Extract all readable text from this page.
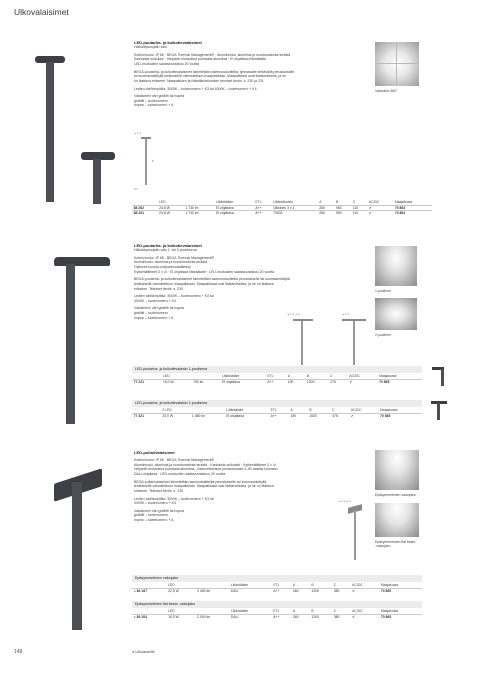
Ulkovalaisimet
LED-puutarha- ja koikotievalaisimet
Häikäisysuojattu valo
Kotelo/runko: IP 65 · BEGA Thermal Management® · Alumiinivalu, alumiinia ja ruostumatonta terästä
Kankaista suikulasi · Heijastin eloksoitua puhdasta alumiinia · El ohjattava liitäntälaite
LED-moduulien saatavuustakuu 20 vuotta
BEGA-puutarha- ja kulkutievalaisimet kiinnitetään asennustuotteilla: tyhmasalle tehtävällä perustukselle
tai kuumasinkittyllä teräksisellä valmistettuun maapalkkaan. Maapalkkaat ovat lisätarvikkeita, ja ne
on tilattava erikseen. Maapalkkien ja liitäntäkotelointien tekniset tiedot, s. 230 ja 231
Ledien värilämpötila: 3000K – tuotenumero + K3 tai 4000K – tuotenumero + K4
Valaisimen väri grafiitti tai hopea
grafiitti – tuotenumero
hopea – tuotenumero + A
▲ A ▼
B
D C
Valovakio 360°
	LED		Liitäntälaite	ETL	Liitäntäkotelo	A	B	C	AC/DC	Maajakusta
88 262	24,8 W	1 730 lm	El ohjattava	A++	Ulkkinen 3 x 4	250	950	110	✔	70 864
88 261	24,8 W	1 730 lm	El ohjattava	A++	70632	250	950	110	✔	70 864
LED-puutarha- ja koikotievalaisimet
Häikäisysuojattu valo 1- tai 2-puoleisena
Kotelo/runko: IP 65 · BEGA Thermal Management®
Alumiinivalu, alumiinia ja ruostumatonta terästä
Opliseeli kuusta polykarbonaattiesuy
Kytkentälttimet 3 × 4² · El ohjattava liitäntälaite · LED-moduulien saatavuustakuu 20 vuotta
BEGA-puutarha- ja kulkutievalaisimet kiinnitetään asennustuotteilla perustukselle tai kuumasinkittyllä
teräksisellä valmistettuun maapalkkaan. Maapalkkaat ovat lisätarvikkeita, ja ne on tilattava
erikseen. Tekniset tiedot, s. 230
Ledien värilämpötila: 3000K – tuotenumero + K3 tai
4000K – tuotenumero + K4
Valaisimen väri grafiitti tai hopea
grafiitti – tuotenumero
hopea – tuotenumero + A
▲ A ▼ ▲ C	▲ A ▼
1-puolinen
2-puolinen
LED-puutarha- ja kulkutievalaisin 1-puolisena
	LED		Liitäntälaite	ETL	A	B	C	AC/DC	Maajakusta
77 221	15,0 W	750 lm	El ohjattava	A++	190	1000	275	✔	70 865
LED-puutarha- ja kulkutievalaisin 2-puolisena
	2 LED		Liitäntälaite	ETL	A	B	C	AC/DC	Maajakusta
77 321	20,0 W	1 480 lm	El ohjattava	A++	190	1000	475	✔	70 865
LED-pollarivalaisimet
Kotelo/runko: IP 65 · BEGA Thermal Management®
Alumiinivalu, alumiinia ja ruostumatonta terästä · Kankaista suikulasi · Kytkentälttimet 3 × 4²
Heijastin eloksoitua puhdasta alumiinia · Asennettavissa porrastomasti 0–90 astetta kulmaan
DALI-ohjattava · LED-moduulien saatavuustakuu 20 vuotta
BEGA-pollarivalaisimet kiinnitetään asennuslaitteilla perustukselle tai kuumasinkittyllä
teräksisellä valmistettuun maapalkkaan. Maapalkkaat ovat lisätarvikkeita, ja ne on tilattava
erikseen. Tekniset tiedot, s. 230
Ledien värilämpötila: 3000K – tuotenumero + K3 tai
4000K – tuotenumero + K4
Valaisimen väri grafiitti tai hopea
grafiitti – tuotenumero
hopea – tuotenumero + A
▲ A ▼ ▲ C
Epäsymmetrinen valonjako
Epäsymmetrinen flat beam
-valonjako
Epäsymmetrinen valonjako
	LED		Liitäntälaite	ETL	A	B	C	AC/DC	Maajakusta
● 84 167	22,5 W	2 450 lm	DALI	A++	260	1200	380	✔	70 865
Epäsymmetrinen flat beam -valonjako
	LED		Liitäntälaite	ETL	A	B	C	AC/DC	Maajakusta
● 84 204	15,5 W	2 000 lm	DALI	A++	260	1200	380	✔	70 865
148	● Ulkoalueille
